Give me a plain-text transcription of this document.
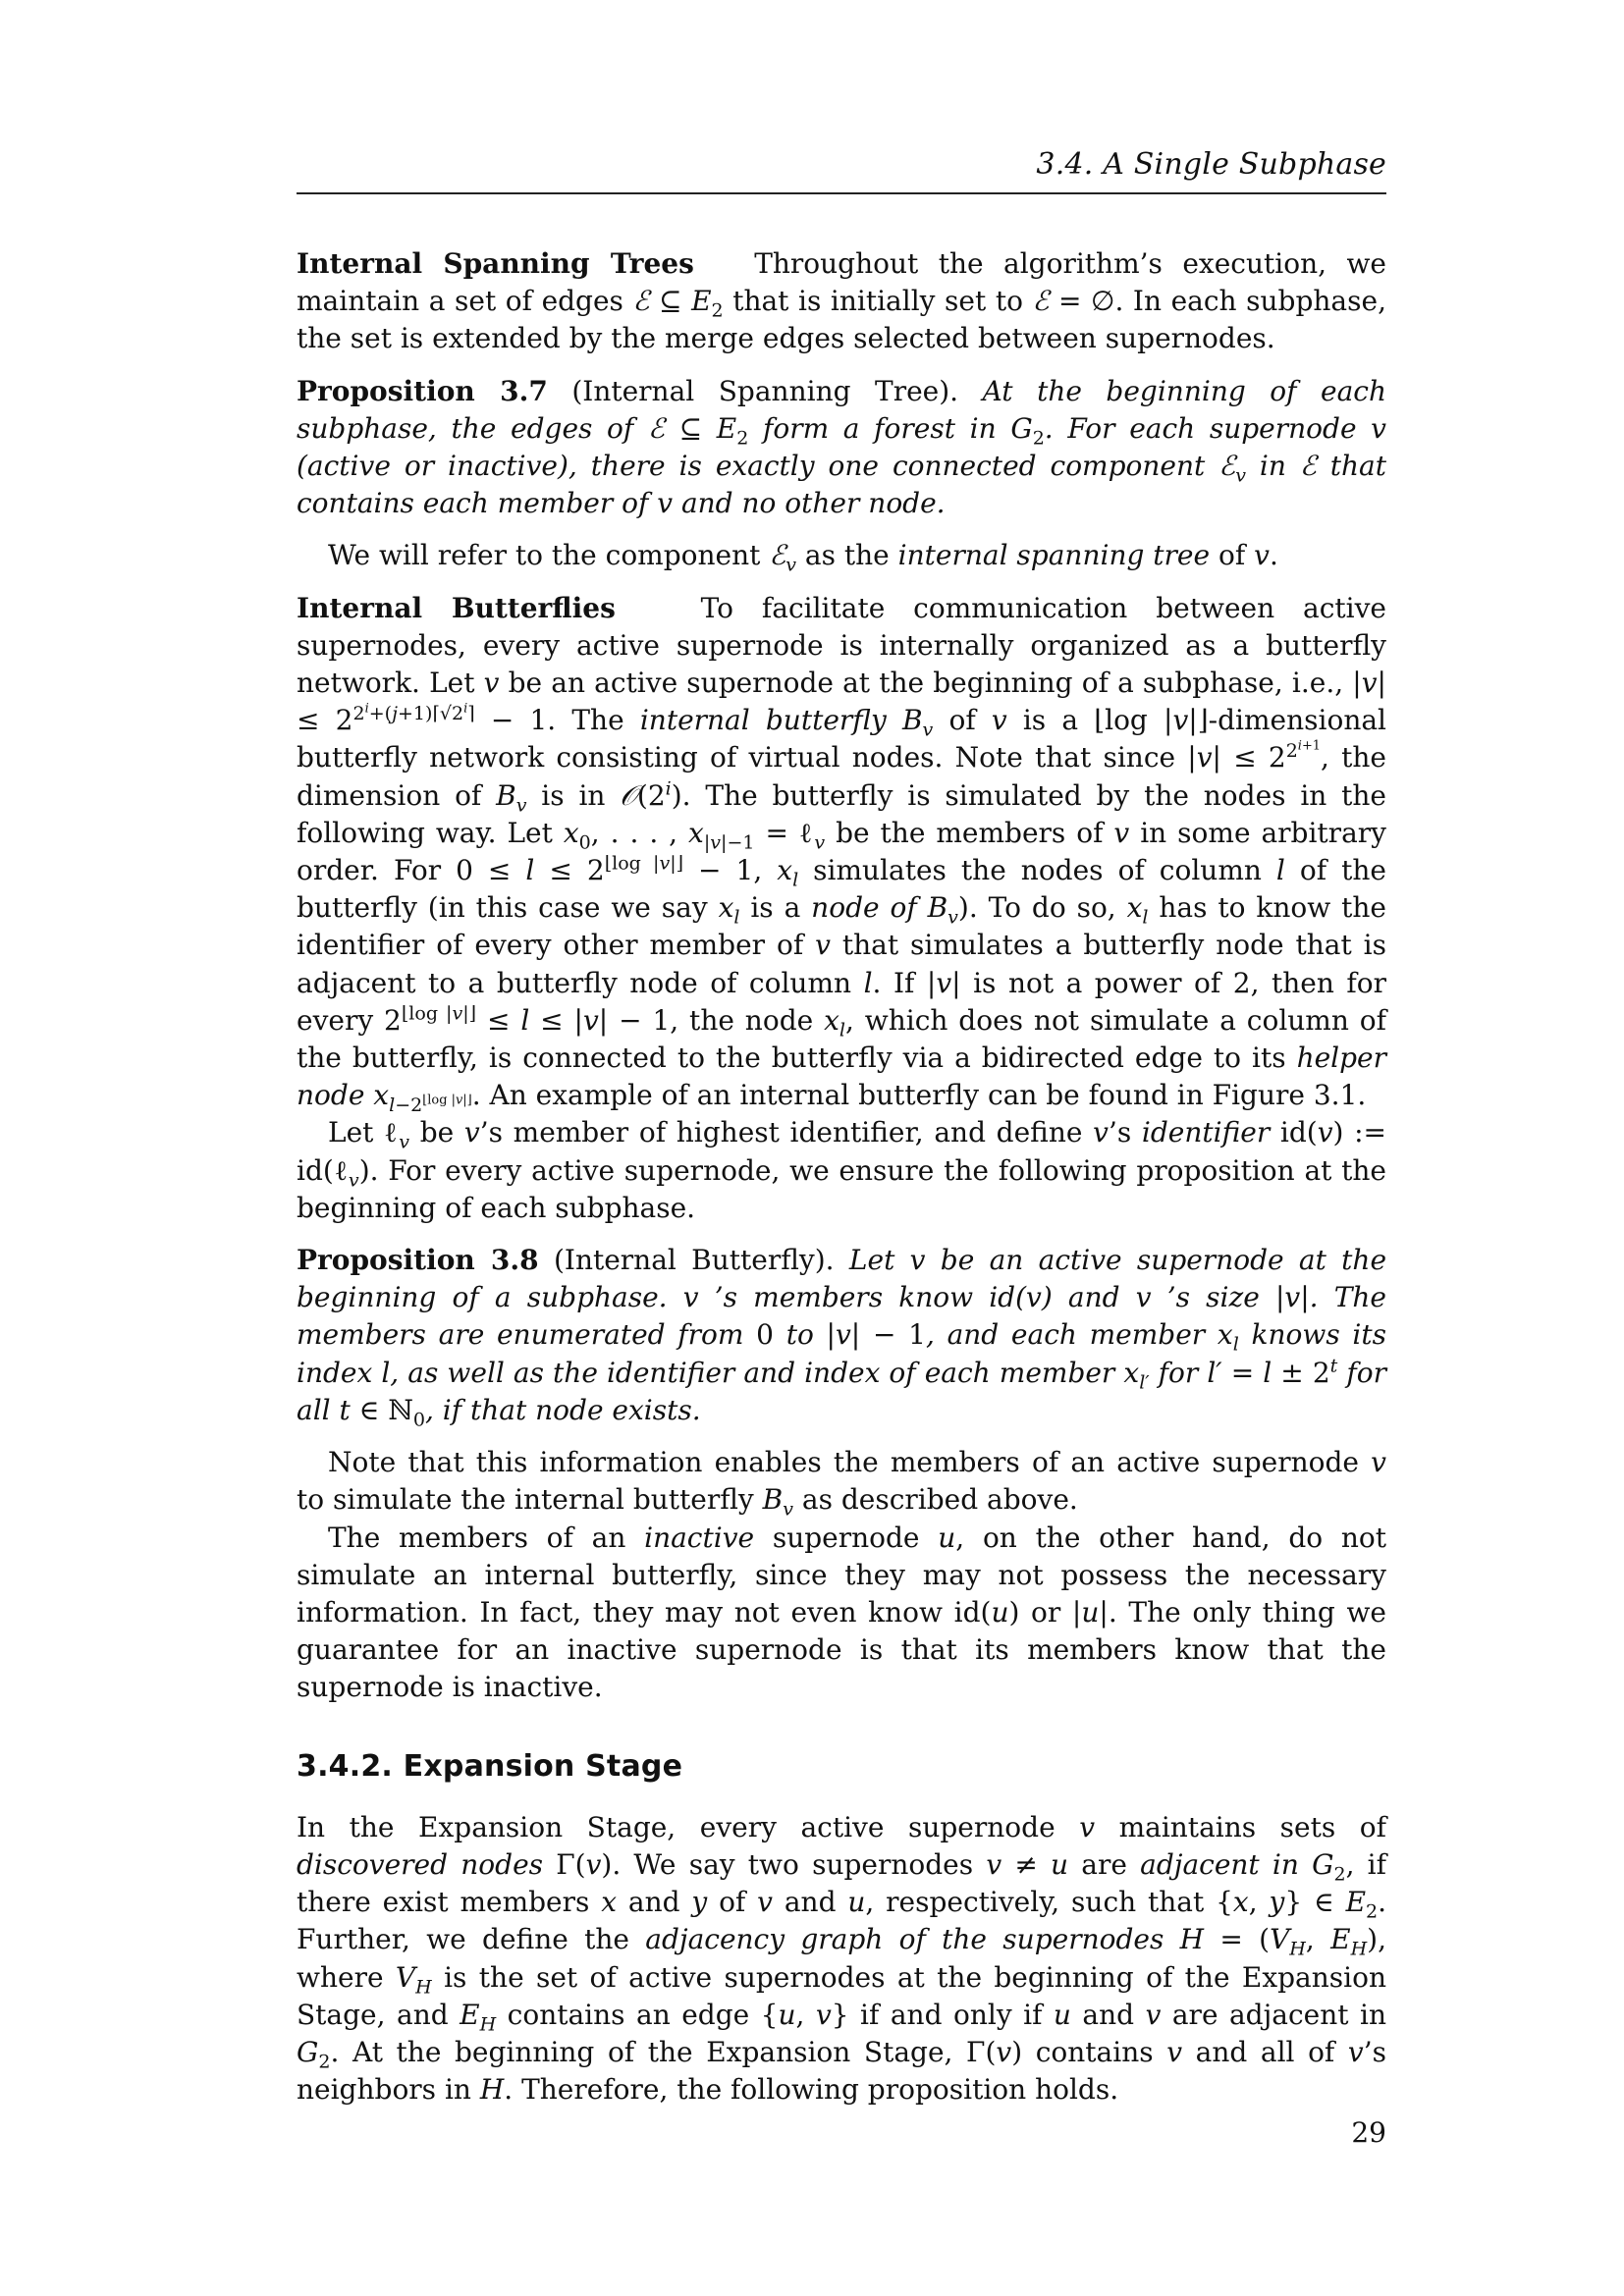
3.4. A Single Subphase

Internal Spanning Trees   Throughout the algorithm’s execution, we maintain a set of edges ℰ ⊆ $E_2$ that is initially set to ℰ = ∅. In each subphase, the set is extended by the merge edges selected between supernodes.

Proposition 3.7 (Internal Spanning Tree). At the beginning of each subphase, the edges of ℰ ⊆ $E_2$ form a forest in $G_2$. For each supernode v (active or inactive), there is exactly one connected component ℰ$_v$ in ℰ that contains each member of v and no other node.

We will refer to the component ℰ$_v$ as the internal spanning tree of v.

Internal Butterflies   To facilitate communication between active supernodes, every active supernode is internally organized as a butterfly network. Let v be an active supernode at the beginning of a subphase, i.e., $|v| \le 2^{2^i+(j+1)⌈√2^i⌉} - 1$. The internal butterfly $B_v$ of v is a ⌊log |v|⌋-dimensional butterfly network consisting of virtual nodes. Note that since $|v| \le 2^{2^{i+1}}$, the dimension of $B_v$ is in 𝒪(2$^i$). The butterfly is simulated by the nodes in the following way. Let $x_0$, . . . , $x_{|v|-1}$ = ℓ$_v$ be the members of v in some arbitrary order. For $0 \le l \le 2^{⌊log |v|⌋} - 1$, $x_l$ simulates the nodes of column l of the butterfly (in this case we say $x_l$ is a node of $B_v$). To do so, $x_l$ has to know the identifier of every other member of v that simulates a butterfly node that is adjacent to a butterfly node of column l. If |v| is not a power of 2, then for every $2^{⌊log |v|⌋} \le l \le |v| - 1$, the node $x_l$, which does not simulate a column of the butterfly, is connected to the butterfly via a bidirected edge to its helper node $x_{l-2^{⌊log |v|⌋}}$. An example of an internal butterfly can be found in Figure 3.1.

Let ℓ$_v$ be v’s member of highest identifier, and define v’s identifier id(v) := id(ℓ$_v$). For every active supernode, we ensure the following proposition at the beginning of each subphase.

Proposition 3.8 (Internal Butterfly). Let v be an active supernode at the beginning of a subphase. v ’s members know id(v) and v ’s size |v|. The members are enumerated from 0 to |v| − 1, and each member $x_l$ knows its index l, as well as the identifier and index of each member $x_{l'}$ for $l' = l \pm 2^t$ for all t ∈ ℕ$_0$, if that node exists.

Note that this information enables the members of an active supernode v to simulate the internal butterfly $B_v$ as described above.

The members of an inactive supernode u, on the other hand, do not simulate an internal butterfly, since they may not possess the necessary information. In fact, they may not even know id(u) or |u|. The only thing we guarantee for an inactive supernode is that its members know that the supernode is inactive.

3.4.2. Expansion Stage

In the Expansion Stage, every active supernode v maintains sets of discovered nodes Γ(v). We say two supernodes v ≠ u are adjacent in $G_2$, if there exist members x and y of v and u, respectively, such that {x, y} ∈ $E_2$. Further, we define the adjacency graph of the supernodes $H = (V_H$, $E_H$), where $V_H$ is the set of active supernodes at the beginning of the Expansion Stage, and $E_H$ contains an edge {u, v} if and only if u and v are adjacent in $G_2$. At the beginning of the Expansion Stage, Γ(v) contains v and all of v’s neighbors in H. Therefore, the following proposition holds.

29
